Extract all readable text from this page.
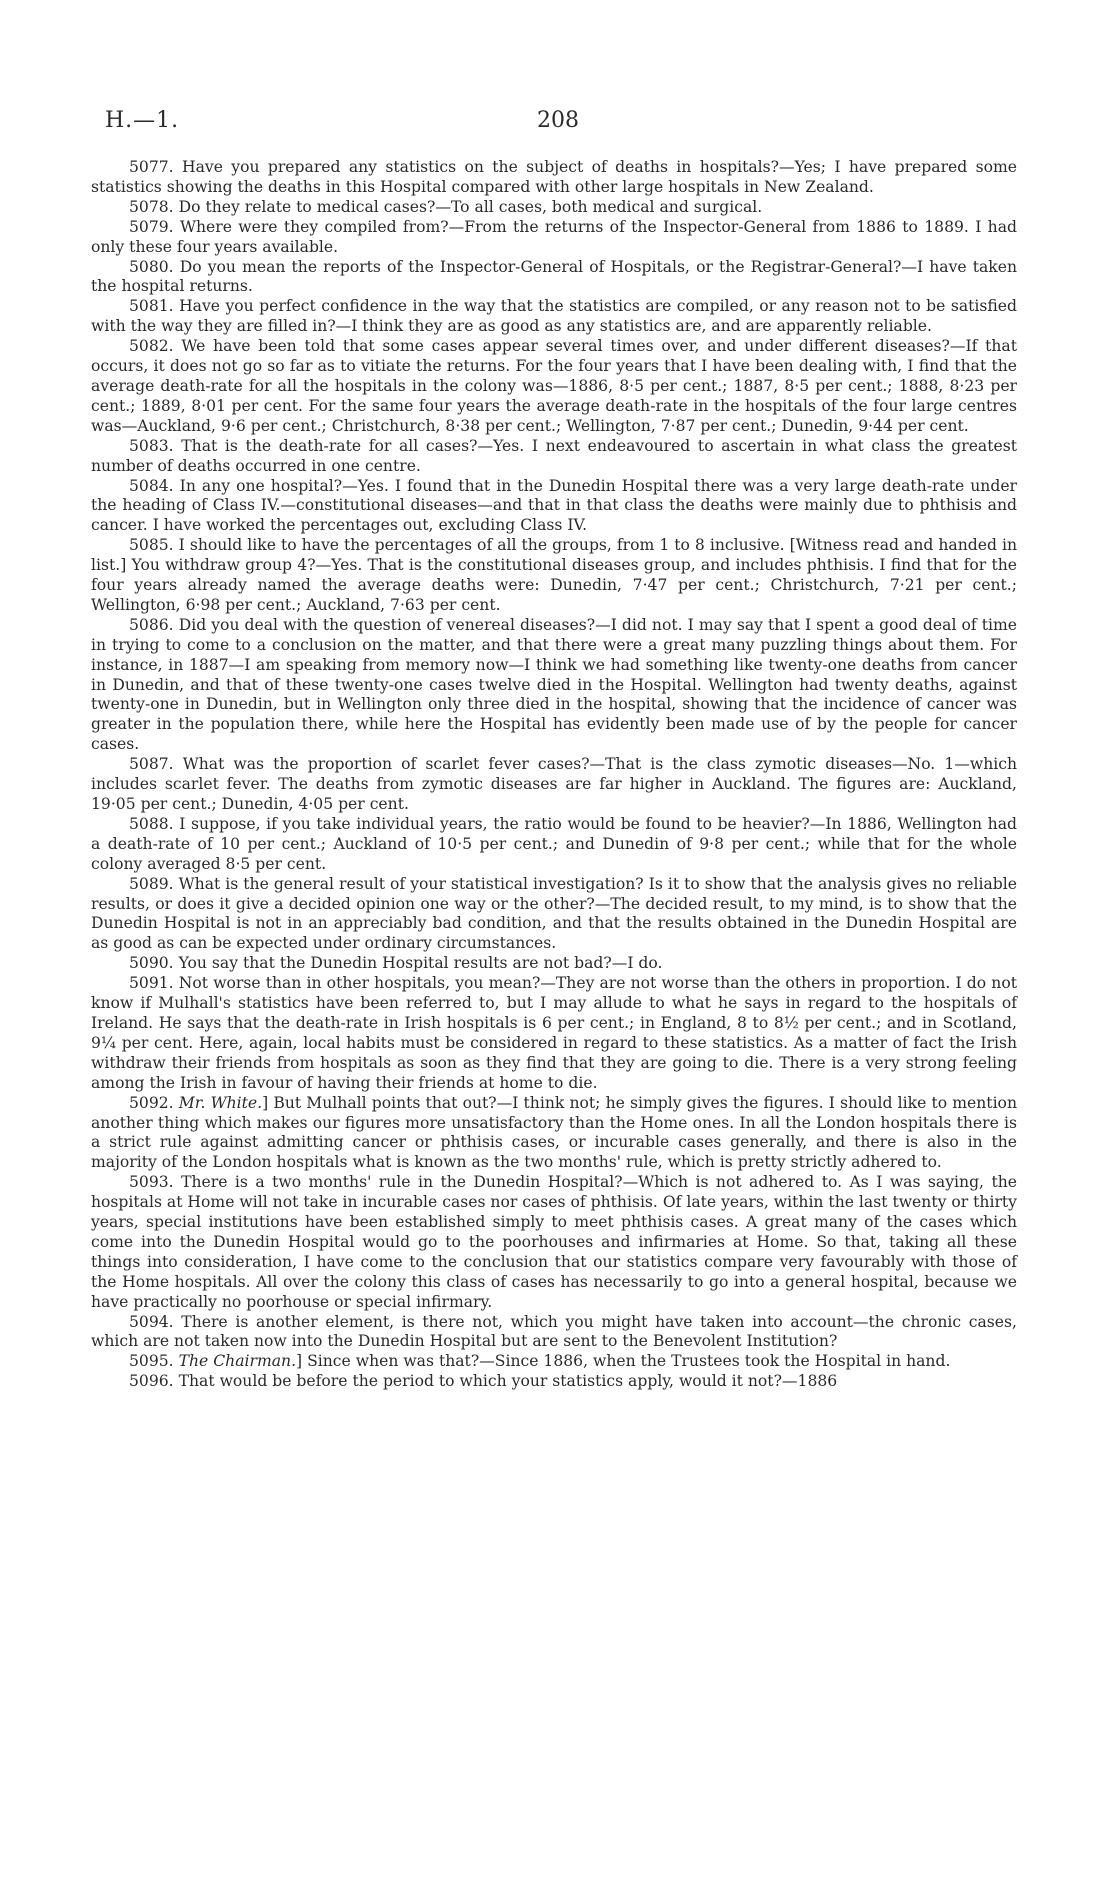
H.—1.	208

5077. Have you prepared any statistics on the subject of deaths in hospitals?—Yes; I have prepared some statistics showing the deaths in this Hospital compared with other large hospitals in New Zealand.

5078. Do they relate to medical cases?—To all cases, both medical and surgical.

5079. Where were they compiled from?—From the returns of the Inspector-General from 1886 to 1889. I had only these four years available.

5080. Do you mean the reports of the Inspector-General of Hospitals, or the Registrar-General?—I have taken the hospital returns.

5081. Have you perfect confidence in the way that the statistics are compiled, or any reason not to be satisfied with the way they are filled in?—I think they are as good as any statistics are, and are apparently reliable.

5082. We have been told that some cases appear several times over, and under different diseases?—If that occurs, it does not go so far as to vitiate the returns. For the four years that I have been dealing with, I find that the average death-rate for all the hospitals in the colony was—1886, 8·5 per cent.; 1887, 8·5 per cent.; 1888, 8·23 per cent.; 1889, 8·01 per cent. For the same four years the average death-rate in the hospitals of the four large centres was—Auckland, 9·6 per cent.; Christchurch, 8·38 per cent.; Wellington, 7·87 per cent.; Dunedin, 9·44 per cent.

5083. That is the death-rate for all cases?—Yes. I next endeavoured to ascertain in what class the greatest number of deaths occurred in one centre.

5084. In any one hospital?—Yes. I found that in the Dunedin Hospital there was a very large death-rate under the heading of Class IV.—constitutional diseases—and that in that class the deaths were mainly due to phthisis and cancer. I have worked the percentages out, excluding Class IV.

5085. I should like to have the percentages of all the groups, from 1 to 8 inclusive. [Witness read and handed in list.] You withdraw group 4?—Yes. That is the constitutional diseases group, and includes phthisis. I find that for the four years already named the average deaths were: Dunedin, 7·47 per cent.; Christchurch, 7·21 per cent.; Wellington, 6·98 per cent.; Auckland, 7·63 per cent.

5086. Did you deal with the question of venereal diseases?—I did not. I may say that I spent a good deal of time in trying to come to a conclusion on the matter, and that there were a great many puzzling things about them. For instance, in 1887—I am speaking from memory now—I think we had something like twenty-one deaths from cancer in Dunedin, and that of these twenty-one cases twelve died in the Hospital. Wellington had twenty deaths, against twenty-one in Dunedin, but in Wellington only three died in the hospital, showing that the incidence of cancer was greater in the population there, while here the Hospital has evidently been made use of by the people for cancer cases.

5087. What was the proportion of scarlet fever cases?—That is the class zymotic diseases—No. 1—which includes scarlet fever. The deaths from zymotic diseases are far higher in Auckland. The figures are: Auckland, 19·05 per cent.; Dunedin, 4·05 per cent.

5088. I suppose, if you take individual years, the ratio would be found to be heavier?—In 1886, Wellington had a death-rate of 10 per cent.; Auckland of 10·5 per cent.; and Dunedin of 9·8 per cent.; while that for the whole colony averaged 8·5 per cent.

5089. What is the general result of your statistical investigation? Is it to show that the analysis gives no reliable results, or does it give a decided opinion one way or the other?—The decided result, to my mind, is to show that the Dunedin Hospital is not in an appreciably bad condition, and that the results obtained in the Dunedin Hospital are as good as can be expected under ordinary circumstances.

5090. You say that the Dunedin Hospital results are not bad?—I do.

5091. Not worse than in other hospitals, you mean?—They are not worse than the others in proportion. I do not know if Mulhall's statistics have been referred to, but I may allude to what he says in regard to the hospitals of Ireland. He says that the death-rate in Irish hospitals is 6 per cent.; in England, 8 to 8½ per cent.; and in Scotland, 9¼ per cent. Here, again, local habits must be considered in regard to these statistics. As a matter of fact the Irish withdraw their friends from hospitals as soon as they find that they are going to die. There is a very strong feeling among the Irish in favour of having their friends at home to die.

5092. Mr. White.] But Mulhall points that out?—I think not; he simply gives the figures. I should like to mention another thing which makes our figures more unsatisfactory than the Home ones. In all the London hospitals there is a strict rule against admitting cancer or phthisis cases, or incurable cases generally, and there is also in the majority of the London hospitals what is known as the two months' rule, which is pretty strictly adhered to.

5093. There is a two months' rule in the Dunedin Hospital?—Which is not adhered to. As I was saying, the hospitals at Home will not take in incurable cases nor cases of phthisis. Of late years, within the last twenty or thirty years, special institutions have been established simply to meet phthisis cases. A great many of the cases which come into the Dunedin Hospital would go to the poorhouses and infirmaries at Home. So that, taking all these things into consideration, I have come to the conclusion that our statistics compare very favourably with those of the Home hospitals. All over the colony this class of cases has necessarily to go into a general hospital, because we have practically no poorhouse or special infirmary.

5094. There is another element, is there not, which you might have taken into account—the chronic cases, which are not taken now into the Dunedin Hospital but are sent to the Benevolent Institution?

5095. The Chairman.] Since when was that?—Since 1886, when the Trustees took the Hospital in hand.

5096. That would be before the period to which your statistics apply, would it not?—1886
